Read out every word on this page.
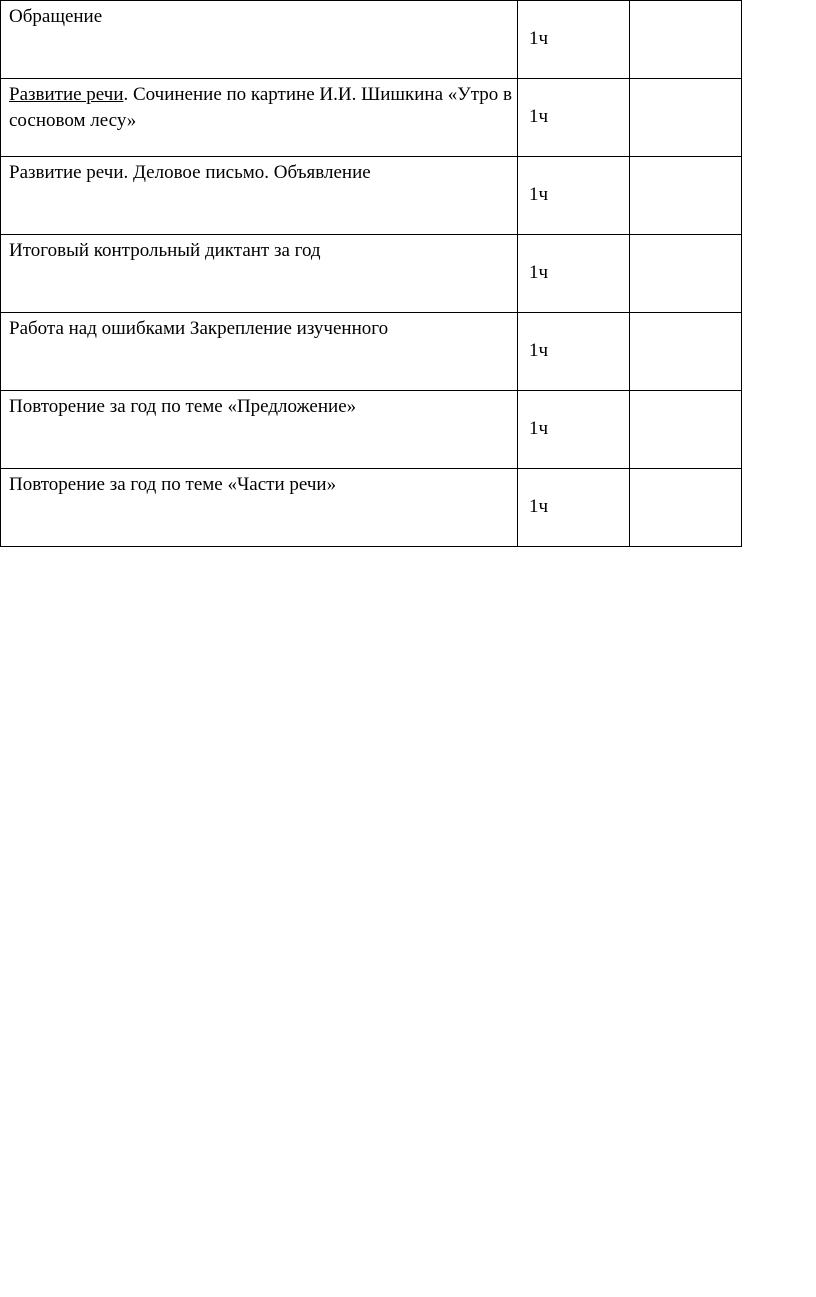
Обращение	1ч	

Развитие речи. Сочинение по картине И.И. Шишкина «Утро в сосновом лесу»	1ч	

Развитие речи. Деловое письмо. Объявление	1ч	

Итоговый контрольный диктант за год	1ч	

Работа над ошибками Закрепление изученного	1ч	

Повторение за год по теме «Предложение»	1ч	

Повторение за год по теме «Части речи»	1ч	
